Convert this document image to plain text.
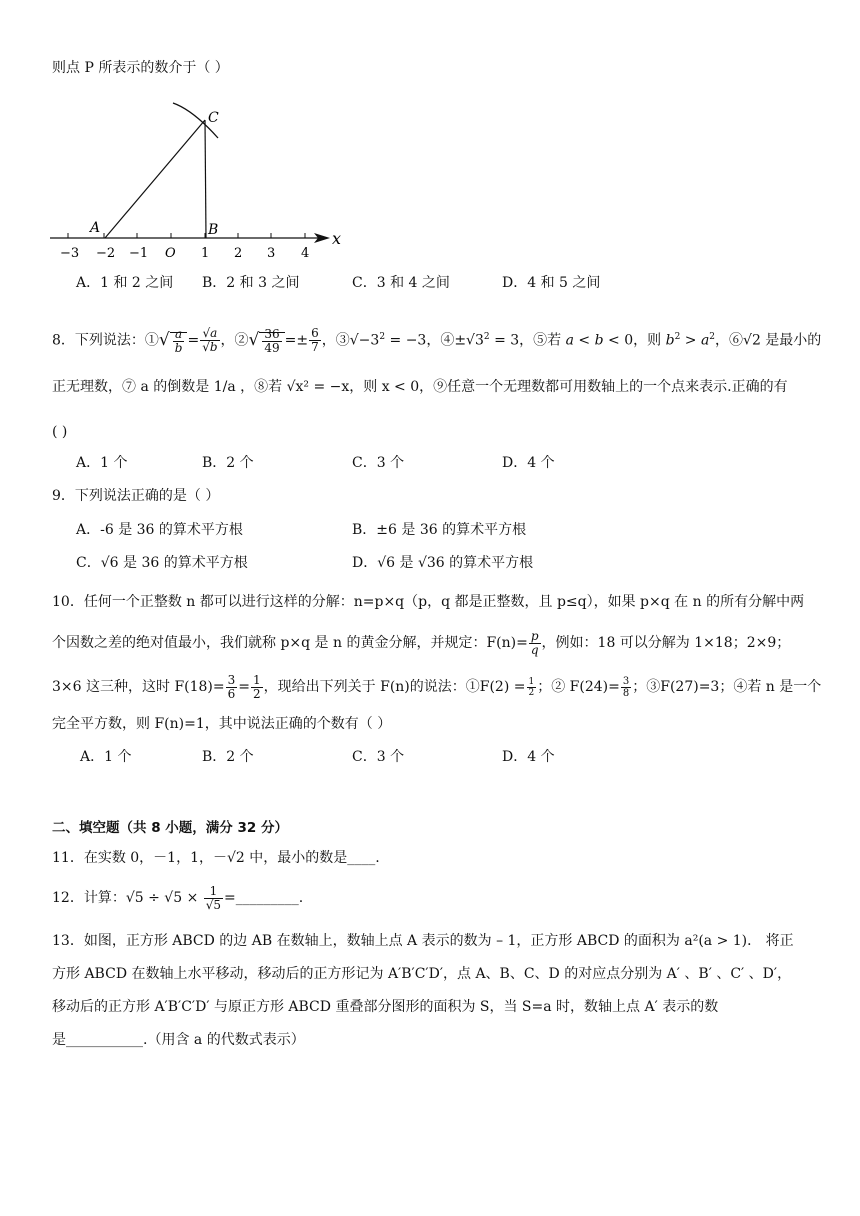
则点 P 所表示的数介于（ ）
A	B
C
x
−3 −2 −1 O 1 2 3 4
A．1 和 2 之间 B．2 和 3 之间	C．3 和 4 之间	D．4 和 5 之间
8．下列说法：①√ $\frac{a}{b} = \frac{√a}{√b}$ ，②√ $\frac{36}{49} =\pm \frac{6}{7}$ ，$③√-3^2 = -3$，$④\pm√3^2 = 3$，⑤若 a < b < 0，则 $b^2 > a^2$，⑥√2 是最小的
正无理数，⑦ a 的倒数是 1/a ，⑧若 √x² = −x，则 x < 0，⑨任意一个无理数都可用数轴上的一个点来表示.正确的有
( )
A．1 个	B．2 个	C．3 个	D．4 个
9．下列说法正确的是（ ）
A．-6 是 36 的算术平方根	B．±6 是 36 的算术平方根
C．√6 是 36 的算术平方根	D．√6 是 √36 的算术平方根
10．任何一个正整数 n 都可以进行这样的分解：n=p×q（p，q 都是正整数，且 p≤q），如果 p×q 在 n 的所有分解中两
个因数之差的绝对值最小，我们就称 p×q 是 n 的黄金分解，并规定：$F(n)= \frac{p}{q}$ ，例如：18 可以分解为 1×18；2×9；
3×6 这三种，这时 $F(18)= \frac{3}{6} = \frac{1}{2}$ ，现给出下列关于 F(n)的说法：①F(2) = $\frac{1}{2}$ ；② $F(24)= \frac{3}{8}$ ；③F(27)=3；④若 n 是一个
完全平方数，则 F(n)=1，其中说法正确的个数有（ ）
A．1 个	B．2 个	C．3 个	D．4 个
二、填空题（共 8 小题，满分 32 分）
11．在实数 0，－1，1，－√2 中，最小的数是____.
12．计算：$√5 \div √5 \times \frac{1}{√5}$ =_________.
13．如图，正方形 ABCD 的边 AB 在数轴上，数轴上点 A 表示的数为 – 1，正方形 ABCD 的面积为 a²(a > 1)． 将正
方形 ABCD 在数轴上水平移动，移动后的正方形记为 A′B′C′D′，点 A、B、C、D 的对应点分别为 A′ 、B′ 、C′ 、D′，
移动后的正方形 A′B′C′D′ 与原正方形 ABCD 重叠部分图形的面积为 S，当 S=a 时，数轴上点 A′ 表示的数
是___________.（用含 a 的代数式表示）
